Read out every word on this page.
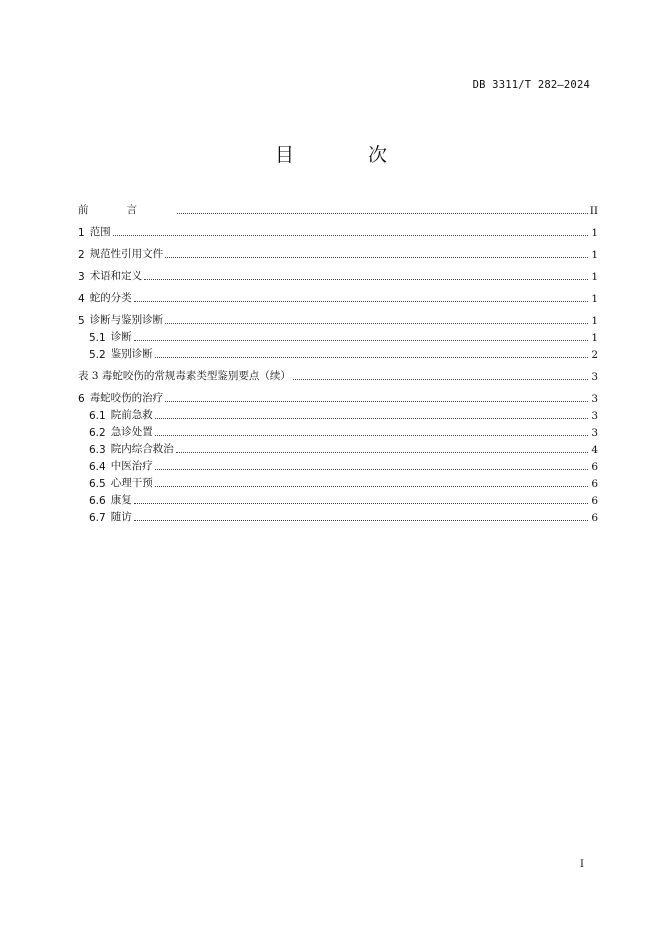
DB 3311/T 282—2024
目 次
前言	II
1 范围	1
2 规范性引用文件	1
3 术语和定义	1
4 蛇的分类	1
5 诊断与鉴别诊断	1
5.1 诊断	1
5.2 鉴别诊断	2
表 3 毒蛇咬伤的常规毒素类型鉴别要点（续）	3
6 毒蛇咬伤的治疗	3
6.1 院前急救	3
6.2 急诊处置	3
6.3 院内综合救治	4
6.4 中医治疗	6
6.5 心理干预	6
6.6 康复	6
6.7 随访	6
I
